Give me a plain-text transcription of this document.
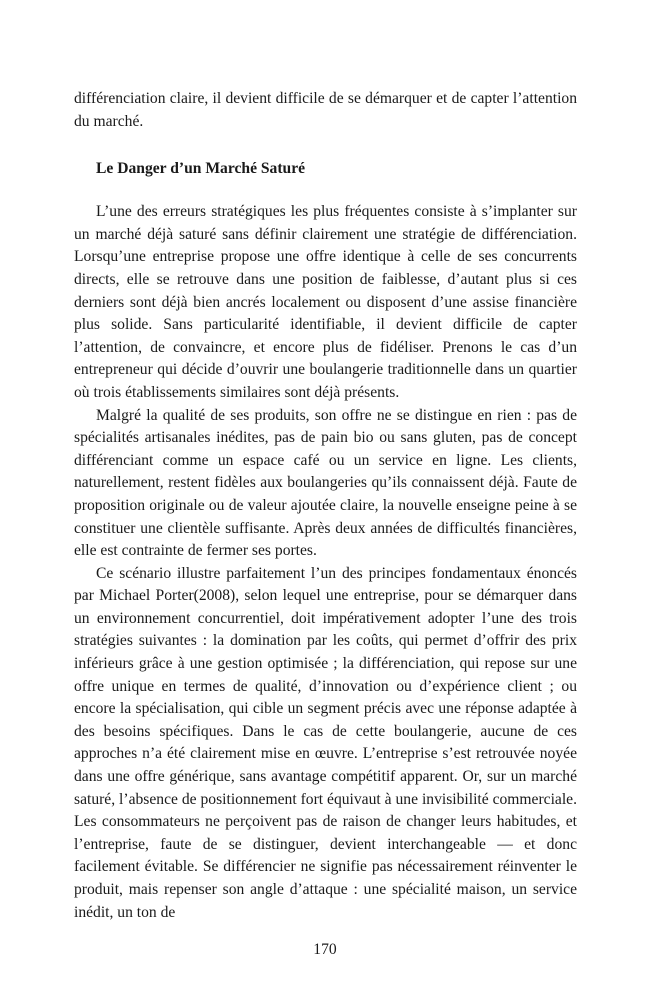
différenciation claire, il devient difficile de se démarquer et de capter l’attention du marché.

Le Danger d’un Marché Saturé

L’une des erreurs stratégiques les plus fréquentes consiste à s’implanter sur un marché déjà saturé sans définir clairement une stratégie de différenciation. Lorsqu’une entreprise propose une offre identique à celle de ses concurrents directs, elle se retrouve dans une position de faiblesse, d’autant plus si ces derniers sont déjà bien ancrés localement ou disposent d’une assise financière plus solide. Sans particularité identifiable, il devient difficile de capter l’attention, de convaincre, et encore plus de fidéliser. Prenons le cas d’un entrepreneur qui décide d’ouvrir une boulangerie traditionnelle dans un quartier où trois établissements similaires sont déjà présents.

Malgré la qualité de ses produits, son offre ne se distingue en rien : pas de spécialités artisanales inédites, pas de pain bio ou sans gluten, pas de concept différenciant comme un espace café ou un service en ligne. Les clients, naturellement, restent fidèles aux boulangeries qu’ils connaissent déjà. Faute de proposition originale ou de valeur ajoutée claire, la nouvelle enseigne peine à se constituer une clientèle suffisante. Après deux années de difficultés financières, elle est contrainte de fermer ses portes.

Ce scénario illustre parfaitement l’un des principes fondamentaux énoncés par Michael Porter(2008), selon lequel une entreprise, pour se démarquer dans un environnement concurrentiel, doit impérativement adopter l’une des trois stratégies suivantes : la domination par les coûts, qui permet d’offrir des prix inférieurs grâce à une gestion optimisée ; la différenciation, qui repose sur une offre unique en termes de qualité, d’innovation ou d’expérience client ; ou encore la spécialisation, qui cible un segment précis avec une réponse adaptée à des besoins spécifiques. Dans le cas de cette boulangerie, aucune de ces approches n’a été clairement mise en œuvre. L’entreprise s’est retrouvée noyée dans une offre générique, sans avantage compétitif apparent. Or, sur un marché saturé, l’absence de positionnement fort équivaut à une invisibilité commerciale. Les consommateurs ne perçoivent pas de raison de changer leurs habitudes, et l’entreprise, faute de se distinguer, devient interchangeable — et donc facilement évitable. Se différencier ne signifie pas nécessairement réinventer le produit, mais repenser son angle d’attaque : une spécialité maison, un service inédit, un ton de

170
